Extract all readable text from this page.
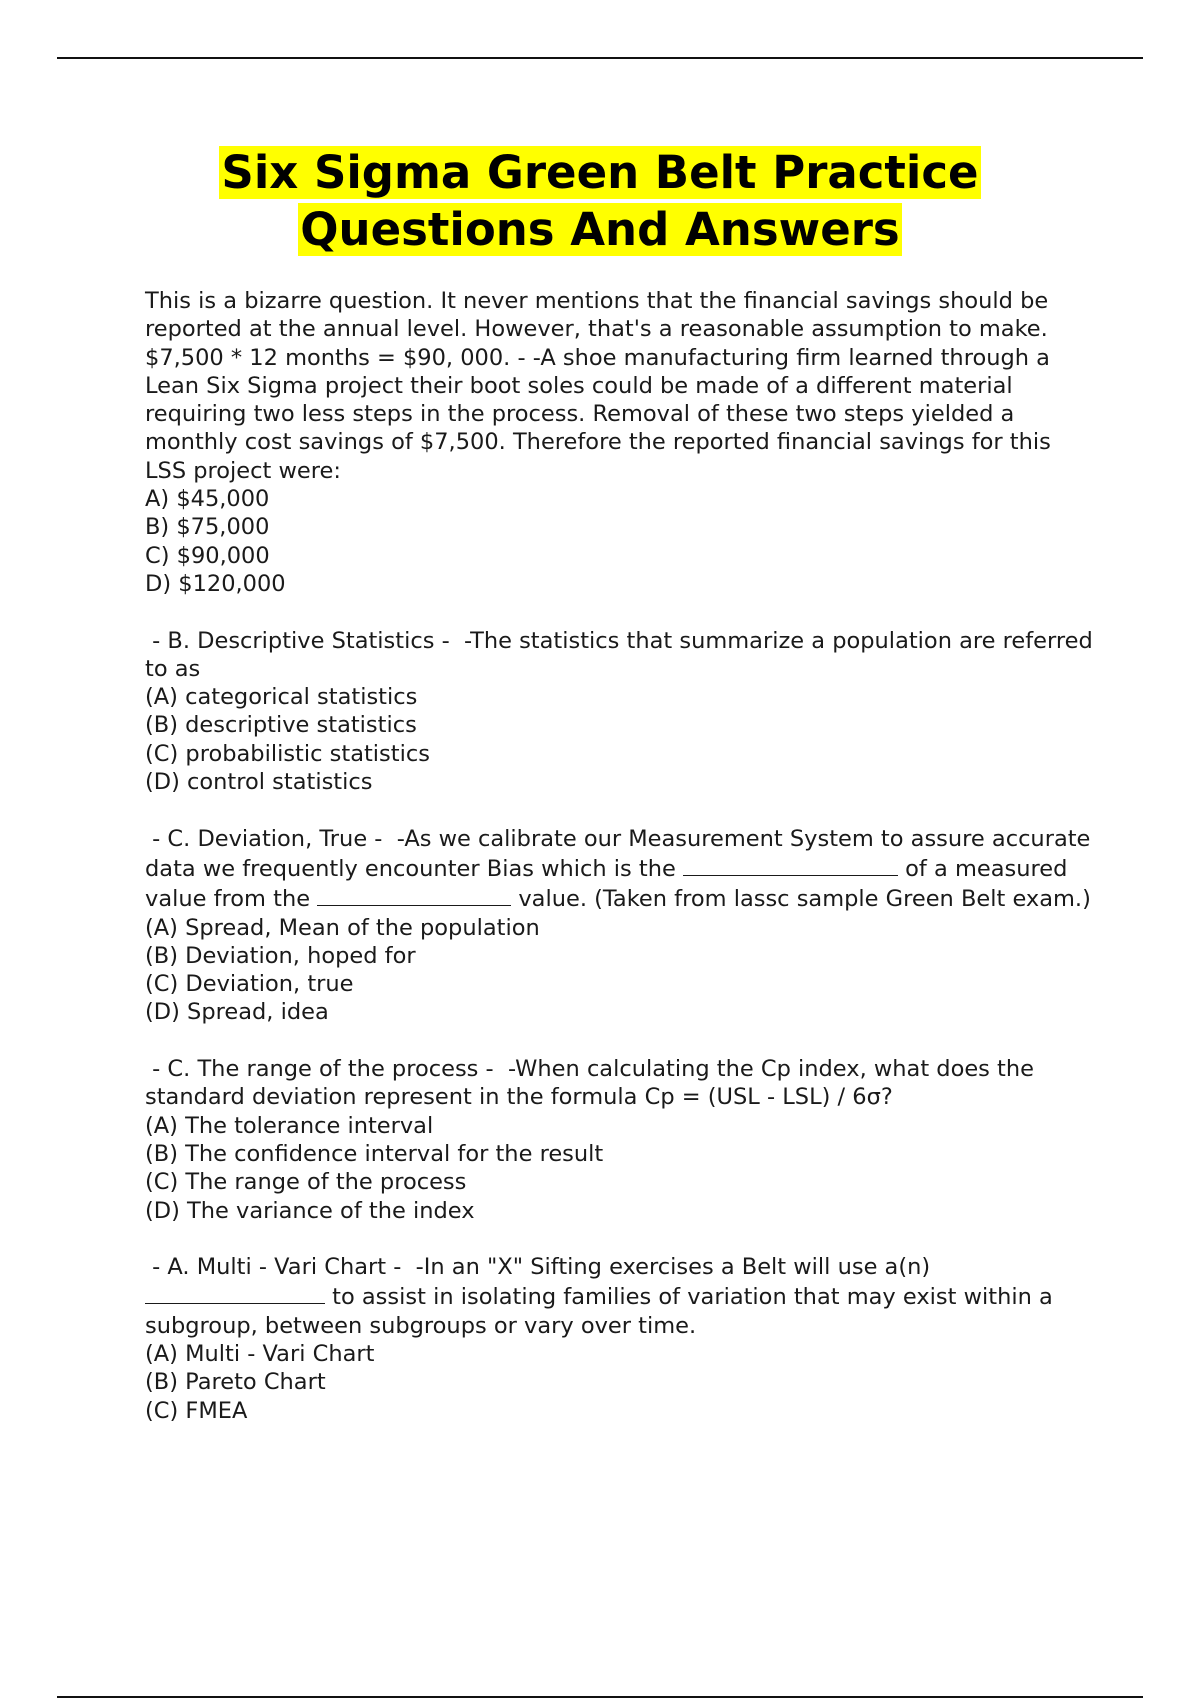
Six Sigma Green Belt Practice
Questions And Answers

This is a bizarre question. It never mentions that the financial savings should be reported at the annual level. However, that's a reasonable assumption to make. $7,500 * 12 months = $90, 000. - -A shoe manufacturing firm learned through a Lean Six Sigma project their boot soles could be made of a different material requiring two less steps in the process. Removal of these two steps yielded a monthly cost savings of $7,500. Therefore the reported financial savings for this LSS project were:

A) $45,000

B) $75,000

C) $90,000

D) $120,000

- B. Descriptive Statistics -  -The statistics that summarize a population are referred to as

(A) categorical statistics

(B) descriptive statistics

(C) probabilistic statistics

(D) control statistics

- C. Deviation, True -  -As we calibrate our Measurement System to assure accurate data we frequently encounter Bias which is the	of a measured value from the	value. (Taken from lassc sample Green Belt exam.)

(A) Spread, Mean of the population

(B) Deviation, hoped for

(C) Deviation, true

(D) Spread, idea

- C. The range of the process -  -When calculating the Cp index, what does the standard deviation represent in the formula Cp = (USL - LSL) / 6σ?

(A) The tolerance interval

(B) The confidence interval for the result

(C) The range of the process

(D) The variance of the index

- A. Multi - Vari Chart -  -In an "X" Sifting exercises a Belt will use a(n)  to assist in isolating families of variation that may exist within a subgroup, between subgroups or vary over time.

(A) Multi - Vari Chart

(B) Pareto Chart

(C) FMEA
